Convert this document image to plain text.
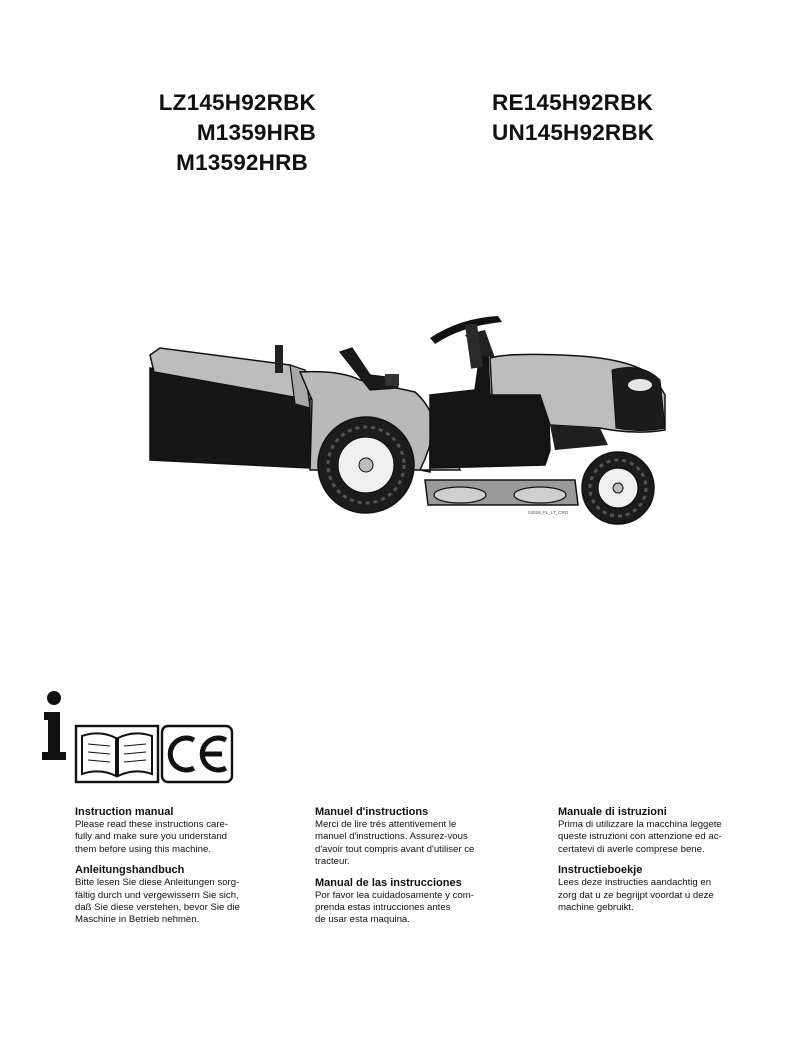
LZ145H92RBK
M1359HRB
M13592HRB
RE145H92RBK
UN145H92RBK
03028_FL_LT_CRO
Instruction manual

Please read these instructions care-
fully and make sure you understand
them before using this machine.

Anleitungshandbuch

Bitte lesen Sie diese Anleitungen sorg-
fältig durch und vergewissern Sie sich,
daß Sie diese verstehen, bevor Sie die
Maschine in Betrieb nehmen.

Manuel d'instructions

Merci de lire trés attentivement le
manuel d'instructions. Assurez-vous
d'avoir tout compris avant d'utiliser ce
tracteur.

Manual de las instrucciones

Por favor lea cuidadosamente y com-
prenda estas intrucciones antes
de usar esta maquina.

Manuale di istruzioni

Prima di utilizzare la macchina leggete
queste istruzioni con attenzione ed ac-
certatevi di averle comprese bene.

Instructieboekje

Lees deze instructies aandachtig en
zorg dat u ze begrijpt voordat u deze
machine gebruikt.
